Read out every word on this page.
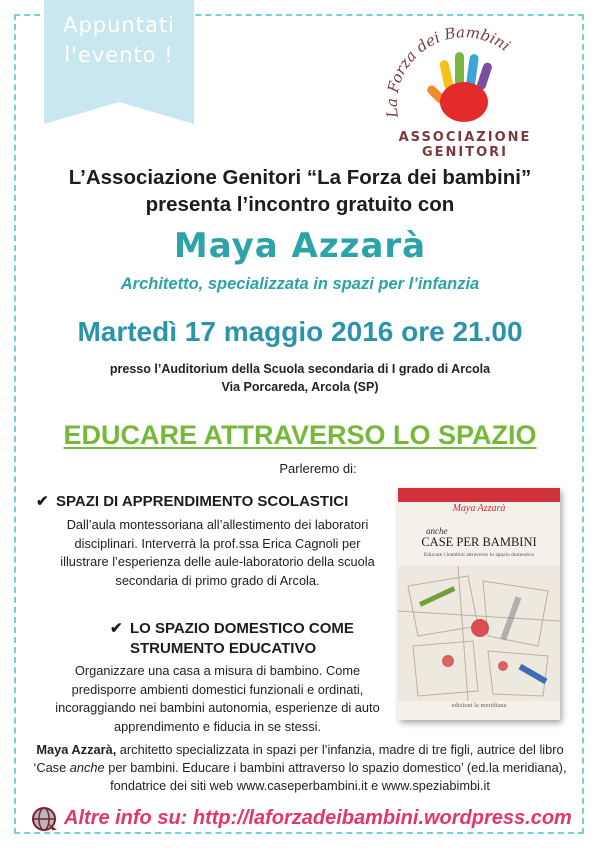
Appuntati
l'evento !
La Forza dei Bambini
ASSOCIAZIONE
GENITORI
L’Associazione Genitori “La Forza dei bambini”
presenta l’incontro gratuito con
Maya Azzarà
Architetto, specializzata in spazi per l’infanzia
Martedì 17 maggio 2016 ore 21.00
presso l’Auditorium della Scuola secondaria di I grado di Arcola
Via Porcareda, Arcola (SP)
EDUCARE ATTRAVERSO LO SPAZIO
Parleremo di:
✔ SPAZI DI APPRENDIMENTO SCOLASTICI
Dall’aula montessoriana all’allestimento dei laboratori
disciplinari. Interverrà la prof.ssa Erica Cagnoli per
illustrare l’esperienza delle aule-laboratorio della scuola
secondaria di primo grado di Arcola.
✔ LO SPAZIO DOMESTICO COME
STRUMENTO EDUCATIVO
Organizzare una casa a misura di bambino. Come
predisporre ambienti domestici funzionali e ordinati,
incoraggiando nei bambini autonomia, esperienze di auto
apprendimento e fiducia in se stessi.
Maya Azzarà
anche
CASE PER BAMBINI
Educare i bambini attraverso lo spazio domestico
edizioni la meridiana
Maya Azzarà, architetto specializzata in spazi per l’infanzia, madre di tre figli, autrice del libro
‘Case anche per bambini. Educare i bambini attraverso lo spazio domestico’ (ed.la meridiana),
fondatrice dei siti web www.caseperbambini.it e www.speziabimbi.it
Altre info su: http://laforzadeibambini.wordpress.com
